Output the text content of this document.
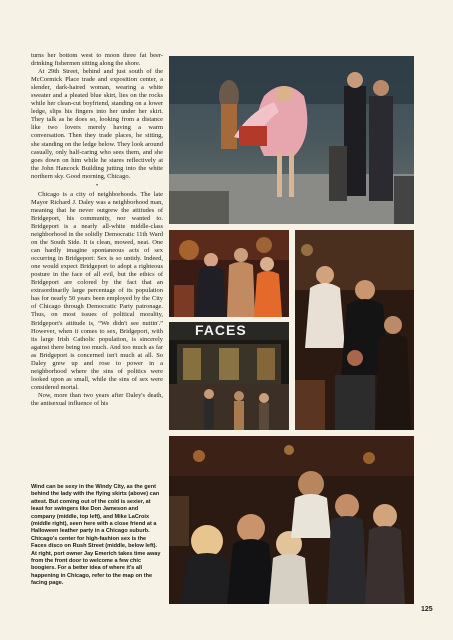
turns her bottom west to moon three fat beer-drinking fishermen sitting along the shore.

At 29th Street, behind and just south of the McCormick Place trade and exposition center, a slender, dark-haired woman, wearing a white sweater and a pleated blue skirt, lies on the rocks while her clean-cut boyfriend, standing on a lower ledge, slips his fingers into her under her skirt. They talk as he does so, looking from a distance like two lovers merely having a warm conversation. Then they trade places, he sitting, she standing on the ledge below. They look around casually, only half-caring who sees them, and she goes down on him while he stares reflectively at the John Hancock Building jutting into the white northern sky. Good morning, Chicago.

•

Chicago is a city of neighborhoods. The late Mayor Richard J. Daley was a neighborhood man, meaning that he never outgrew the attitudes of Bridgeport, his community, nor wanted to. Bridgeport is a nearly all-white middle-class neighborhood in the solidly Democratic 11th Ward on the South Side. It is clean, mowed, neat. One can hardly imagine spontaneous acts of sex occurring in Bridgeport: Sex is so untidy. Indeed, one would expect Bridgeport to adopt a righteous posture in the face of all evil, but the ethics of Bridgeport are colored by the fact that an extraordinarily large percentage of its population has for nearly 50 years been employed by the City of Chicago through Democratic Party patronage. Thus, on most issues of political morality, Bridgeport's attitude is, “We didn't see nuttin'.” However, when it comes to sex, Bridgeport, with its large Irish Catholic population, is sincerely against there being too much. And too much as far as Bridgeport is concerned isn't much at all. So Daley grew up and rose to power in a neighborhood where the sins of politics were looked upon as small, while the sins of sex were considered mortal.

Now, more than two years after Daley's death, the antisexual influence of his

Wind can be sexy in the Windy City, as the gent behind the lady with the flying skirts (above) can attest. But coming out of the cold is sexier, at least for swingers like Don Jameson and company (middle, top left), and Mike LaCroix (middle right), seen here with a close friend at a Halloween leather party in a Chicago suburb. Chicago's center for high-fashion sex is the Faces disco on Rush Street (middle, below left). At right, port owner Jay Emerich takes time away from the front door to welcome a few chic boogiers. For a better idea of where it's all happening in Chicago, refer to the map on the facing page.

FACES
125
